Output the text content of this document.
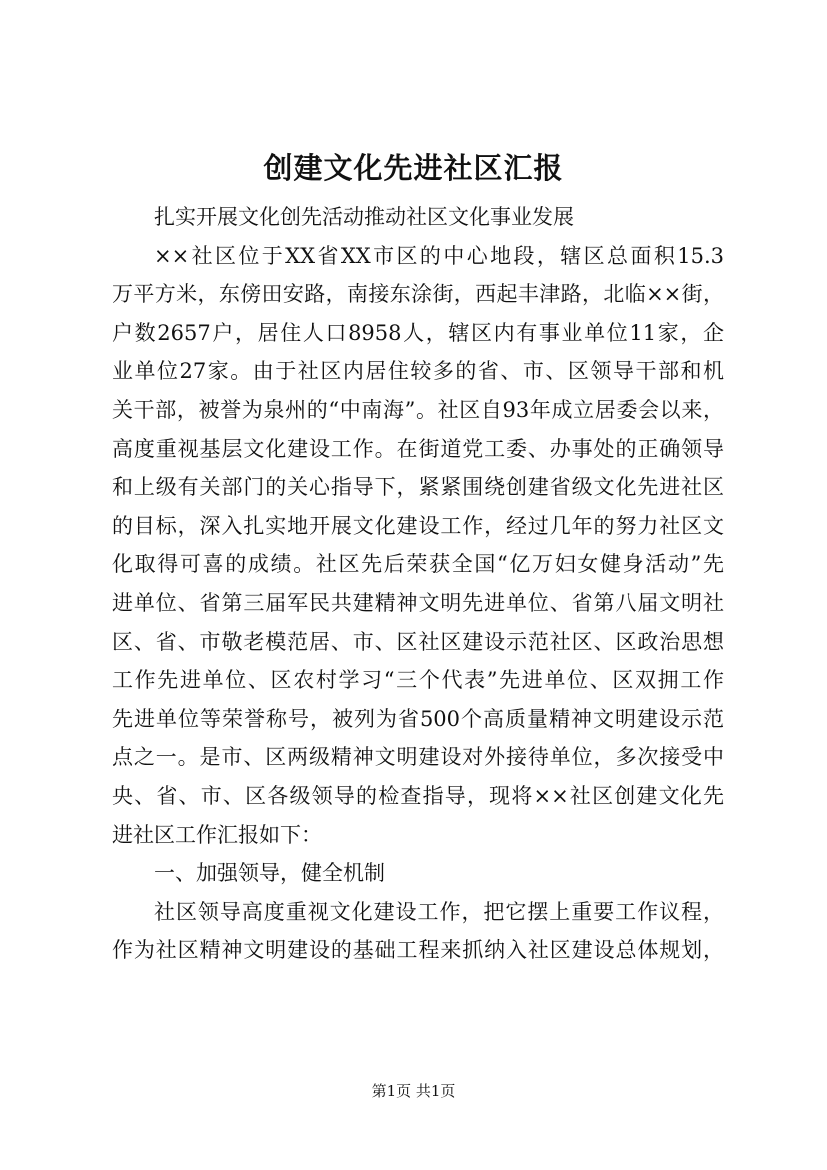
创建文化先进社区汇报
扎实开展文化创先活动推动社区文化事业发展
××社区位于XX省XX市区的中心地段，辖区总面积15.3
万平方米，东傍田安路，南接东涂街，西起丰津路，北临××街，
户数2657户，居住人口8958人，辖区内有事业单位11家，企
业单位27家。由于社区内居住较多的省、市、区领导干部和机
关干部，被誉为泉州的“中南海”。社区自93年成立居委会以来，
高度重视基层文化建设工作。在街道党工委、办事处的正确领导
和上级有关部门的关心指导下，紧紧围绕创建省级文化先进社区
的目标，深入扎实地开展文化建设工作，经过几年的努力社区文
化取得可喜的成绩。社区先后荣获全国“亿万妇女健身活动”先
进单位、省第三届军民共建精神文明先进单位、省第八届文明社
区、省、市敬老模范居、市、区社区建设示范社区、区政治思想
工作先进单位、区农村学习“三个代表”先进单位、区双拥工作
先进单位等荣誉称号，被列为省500个高质量精神文明建设示范
点之一。是市、区两级精神文明建设对外接待单位，多次接受中
央、省、市、区各级领导的检查指导，现将××社区创建文化先
进社区工作汇报如下：
一、加强领导，健全机制
社区领导高度重视文化建设工作，把它摆上重要工作议程，
作为社区精神文明建设的基础工程来抓纳入社区建设总体规划，
第1页 共1页
